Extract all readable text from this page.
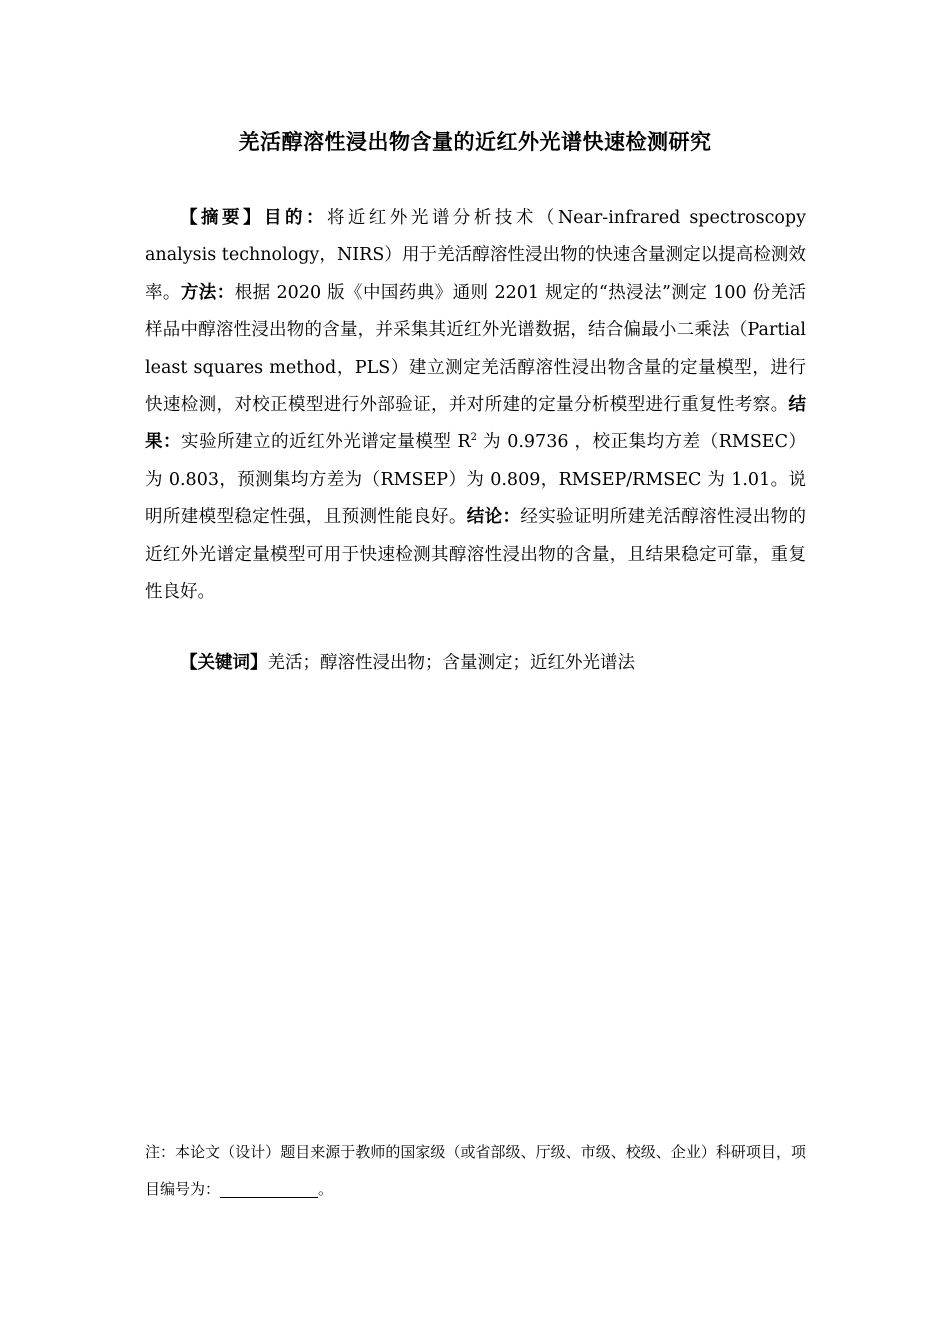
羌活醇溶性浸出物含量的近红外光谱快速检测研究

【摘要】目的：将近红外光谱分析技术（Near-infrared spectroscopy analysis technology，NIRS）用于羌活醇溶性浸出物的快速含量测定以提高检测效率。方法：根据 2020 版《中国药典》通则 2201 规定的“热浸法”测定 100 份羌活样品中醇溶性浸出物的含量，并采集其近红外光谱数据，结合偏最小二乘法（Partial least squares method，PLS）建立测定羌活醇溶性浸出物含量的定量模型，进行快速检测，对校正模型进行外部验证，并对所建的定量分析模型进行重复性考察。结果：实验所建立的近红外光谱定量模型 $R^2$ 为 0.9736 ，校正集均方差（RMSEC）为 0.803，预测集均方差为（RMSEP）为 0.809，RMSEP/RMSEC 为 1.01。说明所建模型稳定性强，且预测性能良好。结论：经实验证明所建羌活醇溶性浸出物的近红外光谱定量模型可用于快速检测其醇溶性浸出物的含量，且结果稳定可靠，重复性良好。

【关键词】羌活；醇溶性浸出物；含量测定；近红外光谱法

注：本论文（设计）题目来源于教师的国家级（或省部级、厅级、市级、校级、企业）科研项目，项目编号为：	。
